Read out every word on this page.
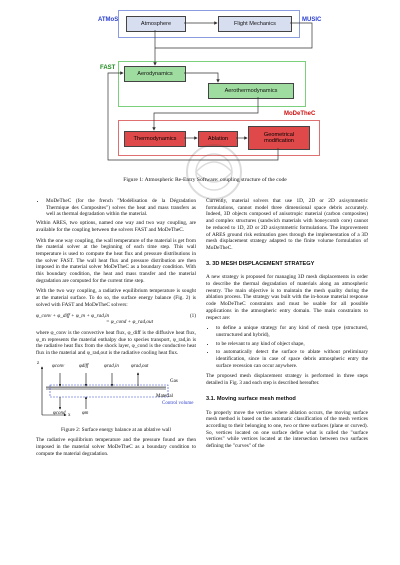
ATMoS	MUSIC
FAST
MoDeTheC
Atmosphere	Flight Mechanics
Aerodynamics
Aerothermodynamics
Thermodynamics	Ablation
Geometrical modification
Figure 1: Atmospheric Re-Entry Software: coupling structure of the code
• MoDeTheC (for the french "Modélisation de la Dégradation Thermique des Composites") solves the heat and mass transfers as well as thermal degradation within the material.

Within ARES, two options, named one way and two way coupling, are available for the coupling between the solvers FAST and MoDeTheC.

With the one way coupling, the wall temperature of the material is get from the material solver at the beginning of each time step. This wall temperature is used to compute the heat flux and pressure distributions in the solver FAST. The wall heat flux and pressure distribution are then imposed in the material solver MoDeTheC as a boundary condition. With this boundary condition, the heat and mass transfer and the material degradation are computed for the current time step.

With the two way coupling, a radiative equilibrium temperature is sought at the material surface. To do so, the surface energy balance (Fig. 2) is solved with FAST and MoDeTheC solvers:

φ_conv + φ_diff + φ_m + φ_rad,in
= φ_cond + φ_rad,out
(1)

where φ_conv is the convective heat flux, φ_diff is the diffusive heat flux, φ_m represents the material enthalpy due to species transport, φ_rad,in is the radiative heat flux from the shock layer, φ_cond is the conductive heat flux in the material and φ_rad,out is the radiative cooling heat flux.

z
x
φconv	φdiff	φrad,in φrad,out
Gas
Material
Control volume
φcond	φm

Figure 2: Surface energy balance at an ablative wall

The radiative equilibrium temperature and the pressure found are then imposed in the material solver MoDeTheC as a boundary condition to compute the material degradation.

Currently, material solvers that use 1D, 2D or 2D axisymmetric formulations, cannot model three dimensional space debris accurately. Indeed, 3D objects composed of anisotropic material (carbon composites) and complex structures (sandwich materials with honeycomb core) cannot be reduced to 1D, 2D or 2D axisymmetric formulations. The improvement of ARES ground risk estimation goes through the implementation of a 3D mesh displacement strategy adapted to the finite volume formulation of MoDeTheC.

3. 3D MESH DISPLACEMENT STRATEGY

A new strategy is proposed for managing 3D mesh displacements in order to describe the thermal degradation of materials along an atmospheric reentry. The main objective is to maintain the mesh quality during the ablation process. The strategy was built with the in-house material response code MoDeTheC constraints and must be usable for all possible applications in the atmospheric entry domain. The main constraints to respect are:

• to define a unique strategy for any kind of mesh type (structured, unstructured and hybrid),
• to be relevant to any kind of object shape,
• to automatically detect the surface to ablate without preliminary identification, since in case of space debris atmospheric entry the surface recession can occur anywhere.

The proposed mesh displacement strategy is performed in three steps detailed in Fig. 3 and each step is described hereafter.

3.1. Moving surface mesh method

To properly move the vertices where ablation occurs, the moving surface mesh method is based on the automatic classification of the mesh vertices according to their belonging to one, two or three surfaces (plane or curved). So, vertices located on one surface define what is called the "surface vertices" while vertices located at the intersection between two surfaces defining the "curves" of the
